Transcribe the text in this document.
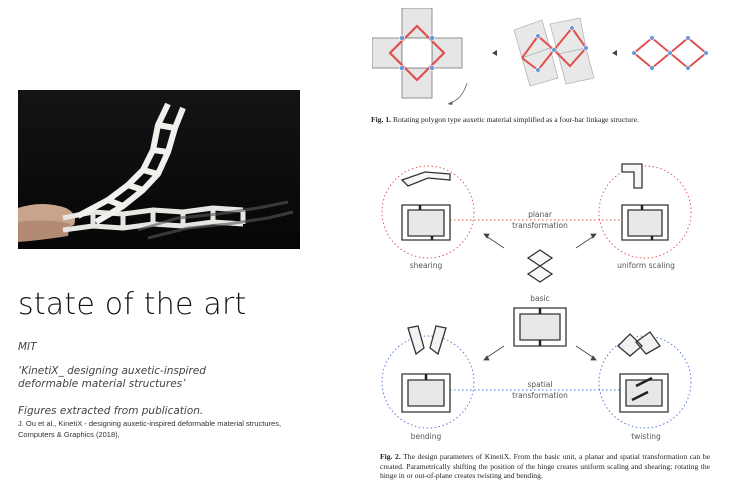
state of the art
MIT
‘KinetiX_ designing auxetic-inspired deformable material structures’
Figures extracted from publication.
J. Ou et al., KinetiX - designing auxetic-inspired deformable material structures, Computers & Graphics (2018),
Fig. 1. Rotating polygon type auxetic material simplified as a four-bar linkage structure.
planar
transformation
basic
spatial
transformation
shearing	uniform scaling
bending	twisting
Fig. 2. The design parameters of KinetiX. From the basic unit, a planar and spatial transformation can be created. Parametrically shifting the position of the hinge creates uniform scaling and shearing; rotating the hinge in or out-of-plane creates twisting and bending.
